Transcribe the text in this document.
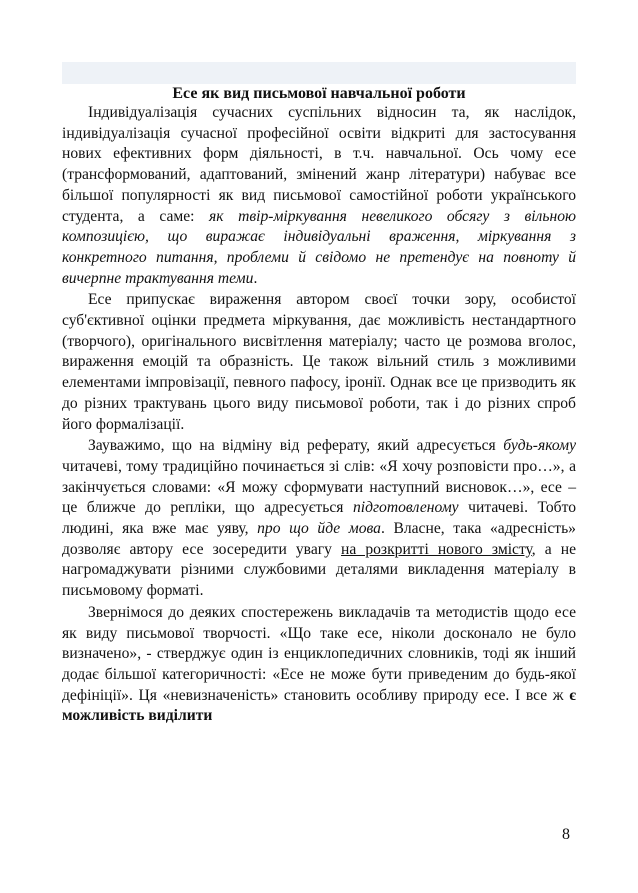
Есе як вид письмової навчальної роботи

Індивідуалізація сучасних суспільних відносин та, як наслідок, індивідуалізація сучасної професійної освіти відкриті для застосування нових ефективних форм діяльності, в т.ч. навчальної. Ось чому есе (трансформований, адаптований, змінений жанр літератури) набуває все більшої популярності як вид письмової самостійної роботи українського студента, а саме: як твір-міркування невеликого обсягу з вільною композицією, що виражає індивідуальні враження, міркування з конкретного питання, проблеми й свідомо не претендує на повноту й вичерпне трактування теми.

Есе припускає вираження автором своєї точки зору, особистої суб'єктивної оцінки предмета міркування, дає можливість нестандартного (творчого), оригінального висвітлення матеріалу; часто це розмова вголос, вираження емоцій та образність. Це також вільний стиль з можливими елементами імпровізації, певного пафосу, іронії. Однак все це призводить як до різних трактувань цього виду письмової роботи, так і до різних спроб його формалізації.

Зауважимо, що на відміну від реферату, який адресується будь-якому читачеві, тому традиційно починається зі слів: «Я хочу розповісти про…», а закінчується словами: «Я можу сформувати наступний висновок…», есе – це ближче до репліки, що адресується підготовленому читачеві. Тобто людині, яка вже має уяву, про що йде мова. Власне, така «адресність» дозволяє автору есе зосередити увагу на розкритті нового змісту, а не нагромаджувати різними службовими деталями викладення матеріалу в письмовому форматі.

Звернімося до деяких спостережень викладачів та методистів щодо есе як виду письмової творчості. «Що таке есе, ніколи досконало не було визначено», - стверджує один із енциклопедичних словників, тоді як інший додає більшої категоричності: «Есе не може бути приведеним до будь-якої дефініції». Ця «невизначеність» становить особливу природу есе. І все ж є можливість виділити

8
